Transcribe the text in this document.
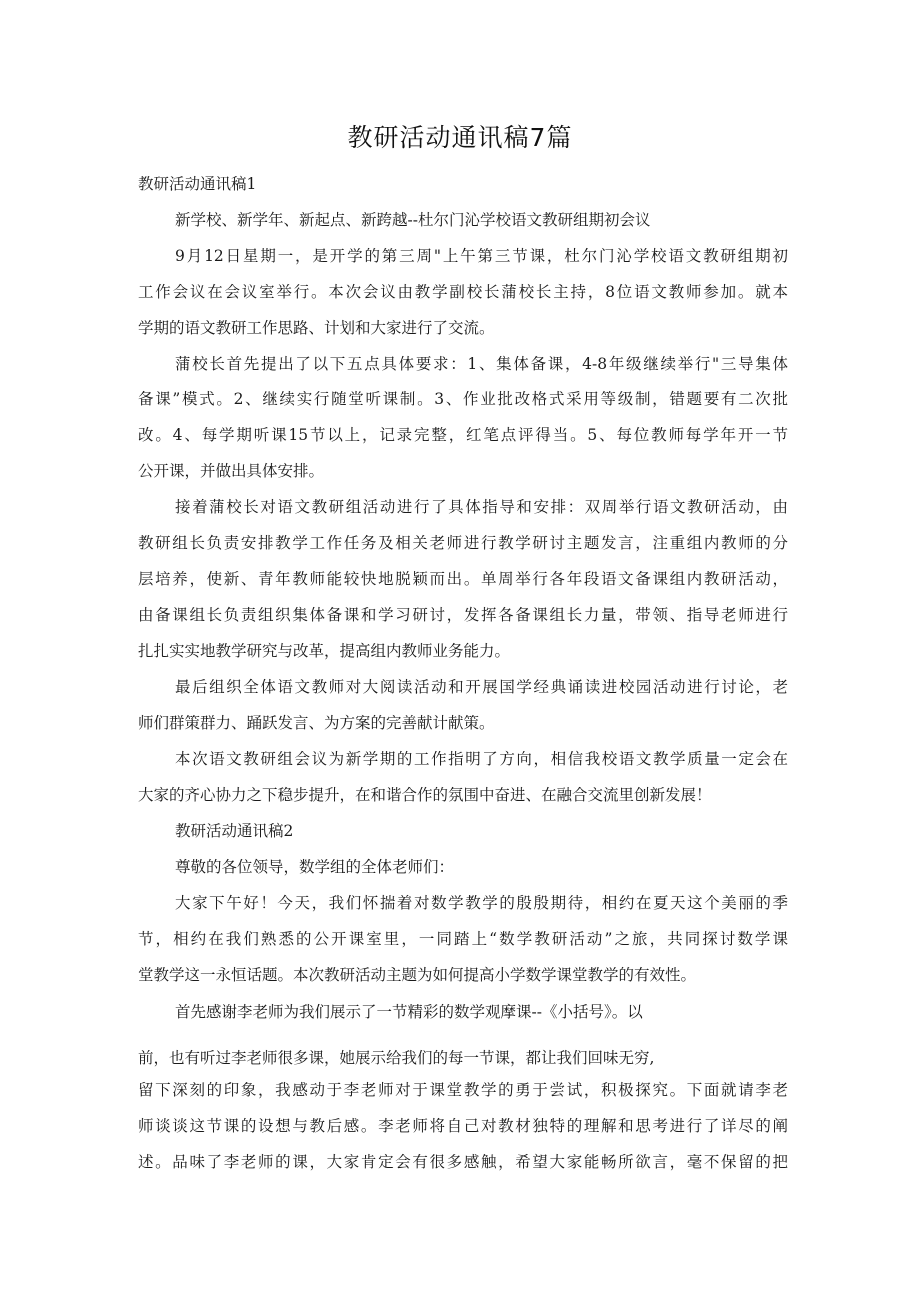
教研活动通讯稿7篇
教研活动通讯稿1
新学校、新学年、新起点、新跨越--杜尔门沁学校语文教研组期初会议
9月12日星期一，是开学的第三周"上午第三节课，杜尔门沁学校语文教研组期初
工作会议在会议室举行。本次会议由教学副校长蒲校长主持，8位语文教师参加。就本
学期的语文教研工作思路、计划和大家进行了交流。
蒲校长首先提出了以下五点具体要求：1、集体备课，4-8年级继续举行"三导集体
备课”模式。2、继续实行随堂听课制。3、作业批改格式采用等级制，错题要有二次批
改。4、每学期听课15节以上，记录完整，红笔点评得当。5、每位教师每学年开一节
公开课，并做出具体安排。
接着蒲校长对语文教研组活动进行了具体指导和安排：双周举行语文教研活动，由
教研组长负责安排教学工作任务及相关老师进行教学研讨主题发言，注重组内教师的分
层培养，使新、青年教师能较快地脱颖而出。单周举行各年段语文备课组内教研活动，
由备课组长负责组织集体备课和学习研讨，发挥各备课组长力量，带领、指导老师进行
扎扎实实地教学研究与改革，提高组内教师业务能力。
最后组织全体语文教师对大阅读活动和开展国学经典诵读进校园活动进行讨论，老
师们群策群力、踊跃发言、为方案的完善献计献策。
本次语文教研组会议为新学期的工作指明了方向，相信我校语文教学质量一定会在
大家的齐心协力之下稳步提升，在和谐合作的氛围中奋进、在融合交流里创新发展！
教研活动通讯稿2
尊敬的各位领导，数学组的全体老师们：
大家下午好！今天，我们怀揣着对数学教学的殷殷期待，相约在夏天这个美丽的季
节，相约在我们熟悉的公开课室里，一同踏上“数学教研活动”之旅，共同探讨数学课
堂教学这一永恒话题。本次教研活动主题为如何提高小学数学课堂教学的有效性。
首先感谢李老师为我们展示了一节精彩的数学观摩课--《小括号》。以
前，也有听过李老师很多课，她展示给我们的每一节课，都让我们回味无穷,
留下深刻的印象，我感动于李老师对于课堂教学的勇于尝试，积极探究。下面就请李老
师谈谈这节课的设想与教后感。李老师将自己对教材独特的理解和思考进行了详尽的阐
述。品味了李老师的课，大家肯定会有很多感触，希望大家能畅所欲言，毫不保留的把
